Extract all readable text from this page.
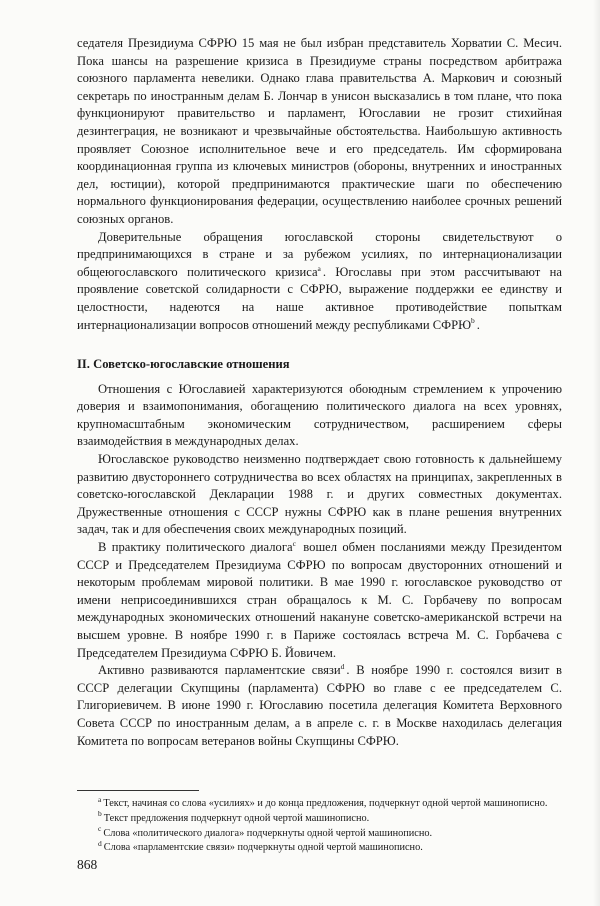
седателя Президиума СФРЮ 15 мая не был избран представитель Хорватии С. Месич. Пока шансы на разрешение кризиса в Президиуме страны посредством арбитража союзного парламента невелики. Однако глава правительства А. Маркович и союзный секретарь по иностранным делам Б. Лончар в унисон высказались в том плане, что пока функционируют правительство и парламент, Югославии не грозит стихийная дезинтеграция, не возникают и чрезвычайные обстоятельства. Наибольшую активность проявляет Союзное исполнительное вече и его председатель. Им сформирована координационная группа из ключевых министров (обороны, внутренних и иностранных дел, юстиции), которой предпринимаются практические шаги по обеспечению нормального функционирования федерации, осуществлению наиболее срочных решений союзных органов.

Доверительные обращения югославской стороны свидетельствуют о предпринимающихся в стране и за рубежом усилиях, по интернационализации общеюгославского политического кризиса$^a$ . Югославы при этом рассчитывают на проявление советской солидарности с СФРЮ, выражение поддержки ее единству и целостности, надеются на наше активное противодействие попыткам интернационализации вопросов отношений между республиками СФРЮ$^b$ .

II. Советско-югославские отношения

Отношения с Югославией характеризуются обоюдным стремлением к упрочению доверия и взаимопонимания, обогащению политического диалога на всех уровнях, крупномасштабным экономическим сотрудничеством, расширением сферы взаимодействия в международных делах.

Югославское руководство неизменно подтверждает свою готовность к дальнейшему развитию двустороннего сотрудничества во всех областях на принципах, закрепленных в советско-югославской Декларации 1988 г. и других совместных документах. Дружественные отношения с СССР нужны СФРЮ как в плане решения внутренних задач, так и для обеспечения своих международных позиций.

В практику политического диалога$^c$ вошел обмен посланиями между Президентом СССР и Председателем Президиума СФРЮ по вопросам двусторонних отношений и некоторым проблемам мировой политики. В мае 1990 г. югославское руководство от имени неприсоединившихся стран обращалось к М. С. Горбачеву по вопросам международных экономических отношений накануне советско-американской встречи на высшем уровне. В ноябре 1990 г. в Париже состоялась встреча М. С. Горбачева с Председателем Президиума СФРЮ Б. Йовичем.

Активно развиваются парламентские связи$^d$ . В ноябре 1990 г. состоялся визит в СССР делегации Скупщины (парламента) СФРЮ во главе с ее председателем С. Глигориевичем. В июне 1990 г. Югославию посетила делегация Комитета Верховного Совета СССР по иностранным делам, а в апреле с. г. в Москве находилась делегация Комитета по вопросам ветеранов войны Скупщины СФРЮ.

$^a$ Текст, начиная со слова «усилиях» и до конца предложения, подчеркнут одной чертой машинописно.

$^b$ Текст предложения подчеркнут одной чертой машинописно.

$^c$ Слова «политического диалога» подчеркнуты одной чертой машинописно.

$^d$ Слова «парламентские связи» подчеркнуты одной чертой машинописно.

868
